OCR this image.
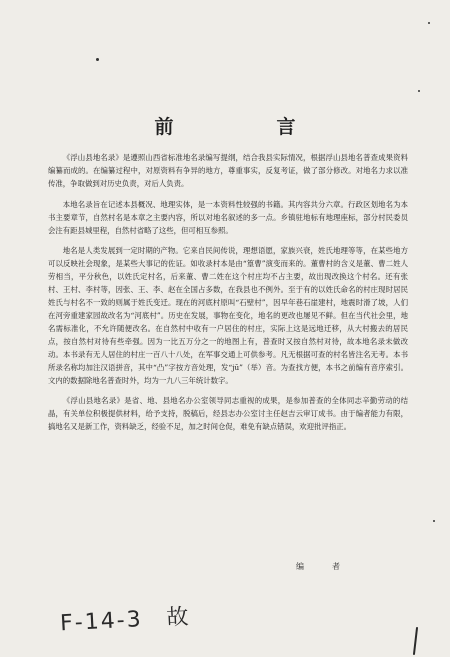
前　言

《浮山县地名录》是遵照山西省标准地名录编写提纲，结合我县实际情况，根据浮山县地名普查成果资料编纂而成的。在编纂过程中，对原资料有争异的地方，尊重事实，反复考证，做了部分修改。对地名力求以准传准，争取做到对历史负责，对后人负责。

本地名录旨在记述本县概况、地理实体，是一本资料性较强的书籍。其内容共分六章。行政区划地名为本书主要章节，自然村名是本章之主要内容，所以对地名叙述的多一点。乡镇驻地标有地理座标，部分村民委员会注有距县城里程，自然村省略了这些，但可相互参照。

地名是人类发展到一定时期的产物。它来自民间传说，理想语愿，家族兴衰，姓氏地理等等，在某些地方可以反映社会现象，是某些大事记的佐证。如收录村本是由“篁曹”演变而来的。董曹村的含义是董、曹二姓人劳相当，平分秋色，以姓氏定村名，后来董、曹二姓在这个村庄均不占主要，故出现改换这个村名。还有张村、王村、李村等，因张、王、李、赵在全国占多数，在我县也不例外。至于有的以姓氏命名的村庄现时居民姓氏与村名不一致的则属于姓氏变迁。现在的河底村原叫“石壁村”，因早年巷石崖建村，地震时滑了坡，人们在河旁重建家园故改名为“河底村”。历史在发展，事物在变化，地名的更改也屡见不鲜。但在当代社会里，地名需标准化，不允许随便改名。在自然村中收有一户居住的村庄，实际上这是远地迁移，从大村搬去的居民点，按自然村对待有些牵强。因为一比五万分之一的地图上有，普查时又按自然村对待，故本地名录未做改动。本书录有无人居住的村庄一百八十八处，在军事交通上可供参考。凡无根据可查的村名皆注名无考。本书所录名称均加注汉语拼音，其中“凸”字按方音处理，发“jū”（举）音。为查找方便，本书之前编有音序索引。文内的数据除地名普查时外，均为一九八三年统计数字。

《浮山县地名录》是省、地、县地名办公室领导同志重视的成果，是参加普查的全体同志辛勤劳动的结晶，有关单位积极提供材料，给予支持，脱稿后，经县志办公室讨主任赵吉云审订成书。由于编者能力有限，搞地名又是新工作，资料缺乏，经验不足，加之时间仓促，难免有缺点错误，欢迎批评指正。

编　者
F-14-3　故
